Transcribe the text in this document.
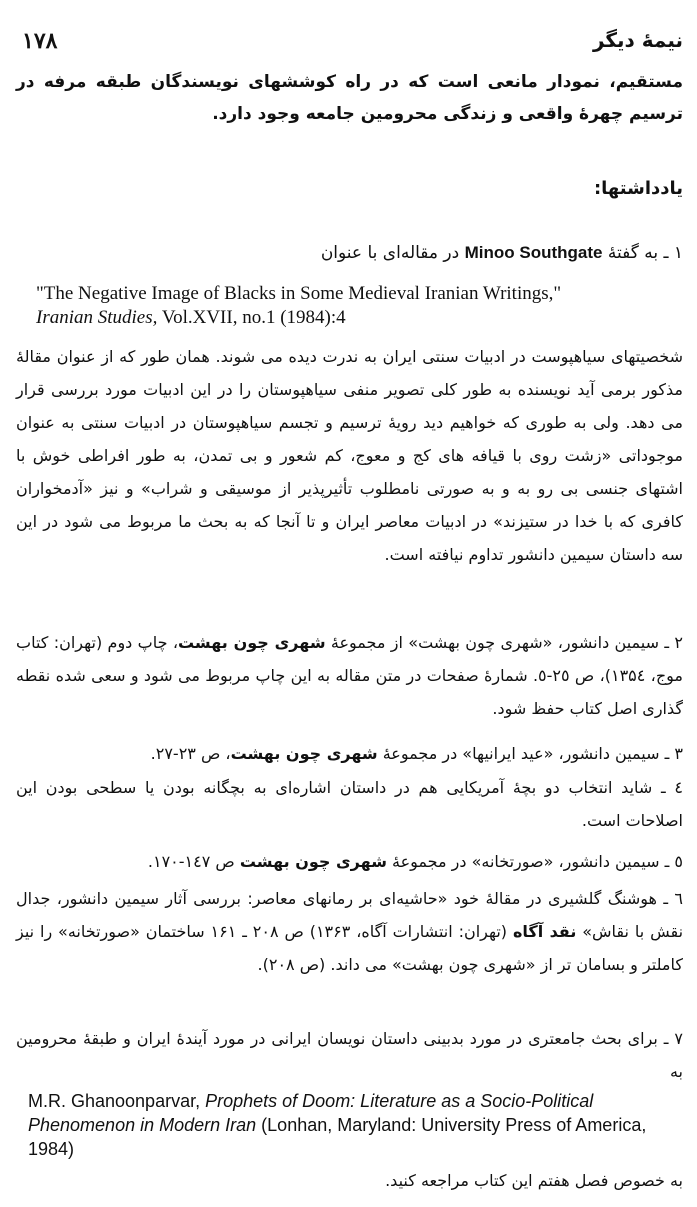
۱۷۸	نیمهٔ دیگر
مستقیم، نمودار مانعی است که در راه کوششهای نویسندگان طبقه مرفه در ترسیم چهرهٔ واقعی و زندگی محرومین جامعه وجود دارد.
یادداشتها:
۱ ـ به گفتهٔ Minoo Southgate در مقاله‌ای با عنوان
"The Negative Image of Blacks in Some Medieval Iranian Writings,"
Iranian Studies, Vol.XVII, no.1 (1984):4
شخصیتهای سیاهپوست در ادبیات سنتی ایران به ندرت دیده می شوند. همان طور که از عنوان مقالهٔ مذکور برمی آید نویسنده به طور کلی تصویر منفی سیاهپوستان را در این ادبیات مورد بررسی قرار می دهد. ولی به طوری که خواهیم دید رویهٔ ترسیم و تجسم سیاهپوستان در ادبیات سنتی به عنوان موجوداتی «زشت روی با قیافه های کج و معوج، کم شعور و بی تمدن، به طور افراطی خوش با اشتهای جنسی بی رو به و به صورتی نامطلوب تأثیرپذیر از موسیقی و شراب» و نیز «آدمخواران کافری که با خدا در ستیزند» در ادبیات معاصر ایران و تا آنجا که به بحث ما مربوط می شود در این سه داستان سیمین دانشور تداوم نیافته است.
۲ ـ سیمین دانشور، «شهری چون بهشت» از مجموعهٔ شهری چون بهشت، چاپ دوم (تهران: کتاب موج، ۱۳۵٤)، ص ۲٥-٥. شمارهٔ صفحات در متن مقاله به این چاپ مربوط می شود و سعی شده نقطه گذاری اصل کتاب حفظ شود.
۳ ـ سیمین دانشور، «عید ایرانیها» در مجموعهٔ شهری چون بهشت، ص ۲۳-۲۷.
٤ ـ شاید انتخاب دو بچهٔ آمریکایی هم در داستان اشاره‌ای به بچگانه بودن یا سطحی بودن این اصلاحات است.
٥ ـ سیمین دانشور، «صورتخانه» در مجموعهٔ شهری چون بهشت ص ۱٤۷-۱۷۰.
٦ ـ هوشنگ گلشیری در مقالهٔ خود «حاشیه‌ای بر رمانهای معاصر: بررسی آثار سیمین دانشور، جدال نقش با نقاش» نقد آگاه (تهران: انتشارات آگاه، ۱۳۶۳) ص ۲۰۸ ـ ۱۶۱ ساختمان «صورتخانه» را نیز کاملتر و بسامان تر از «شهری چون بهشت» می داند. (ص ۲۰۸).
۷ ـ برای بحث جامعتری در مورد بدبینی داستان نویسان ایرانی در مورد آیندهٔ ایران و طبقهٔ محرومین به
M.R. Ghanoonparvar, Prophets of Doom: Literature as a Socio-Political Phenomenon in Modern Iran (Lonhan, Maryland: University Press of America, 1984)
به خصوص فصل هفتم این کتاب مراجعه کنید.
